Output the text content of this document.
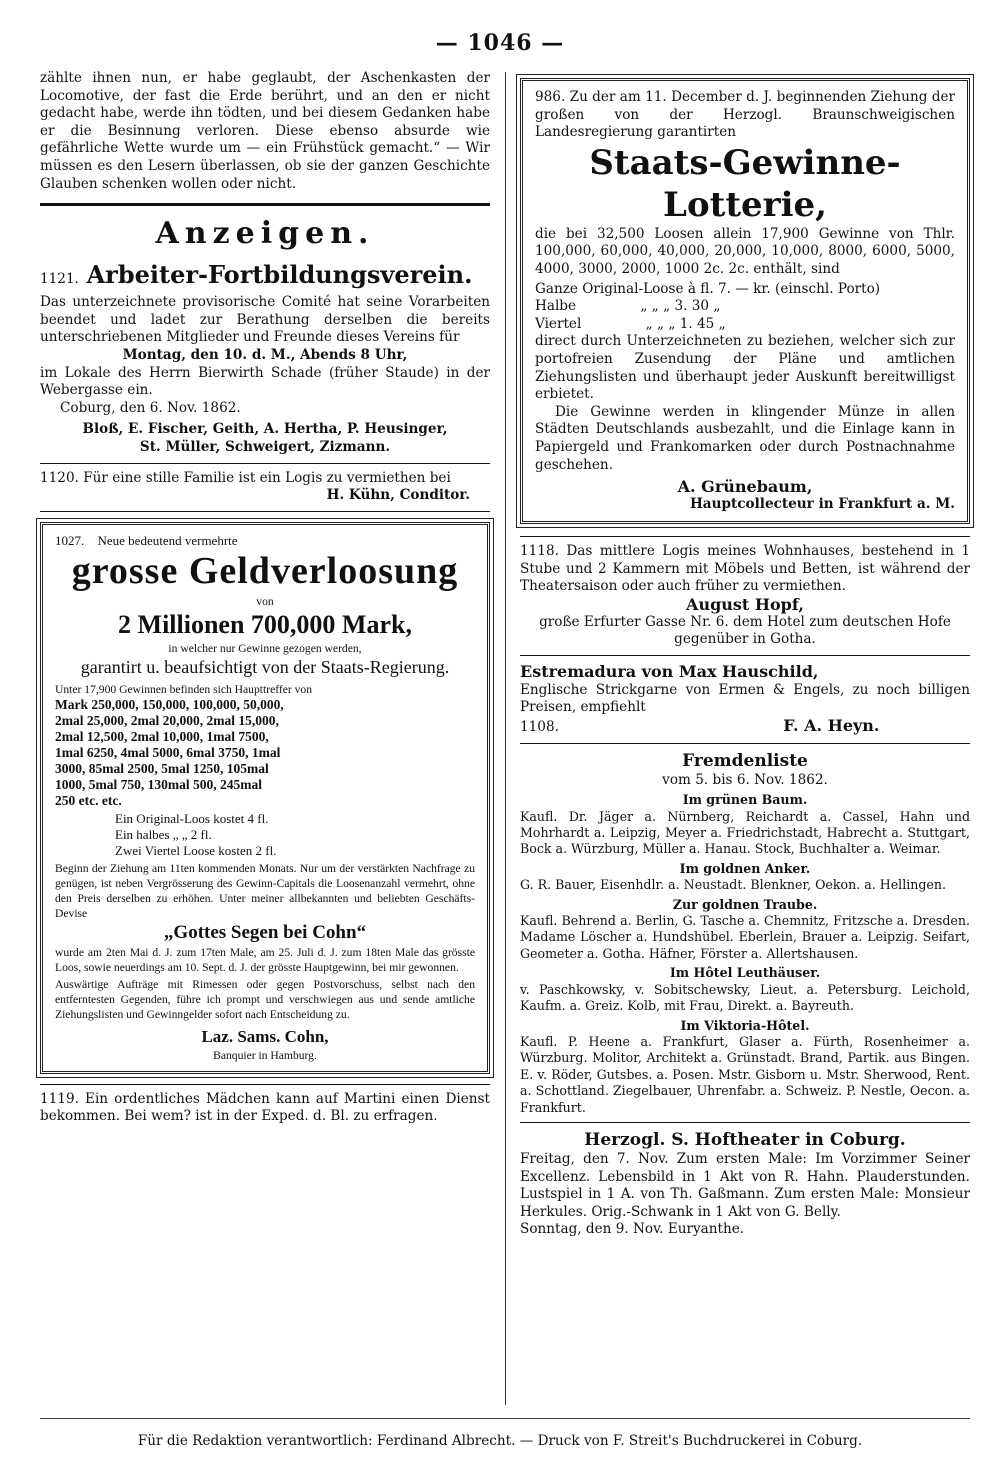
— 1046 —

zählte ihnen nun, er habe geglaubt, der Aschenkasten der Locomotive, der fast die Erde berührt, und an den er nicht gedacht habe, werde ihn tödten, und bei diesem Gedanken habe er die Besinnung verloren. Diese ebenso absurde wie gefährliche Wette wurde um — ein Frühstück gemacht.“ — Wir müssen es den Lesern überlassen, ob sie der ganzen Geschichte Glauben schenken wollen oder nicht.

Anzeigen.

1121. Arbeiter-Fortbildungsverein.

Das unterzeichnete provisorische Comité hat seine Vorarbeiten beendet und ladet zur Berathung derselben die bereits unterschriebenen Mitglieder und Freunde dieses Vereins für

Montag, den 10. d. M., Abends 8 Uhr,

im Lokale des Herrn Bierwirth Schade (früher Staude) in der Webergasse ein.

Coburg, den 6. Nov. 1862.

Bloß, E. Fischer, Geith, A. Hertha, P. Heusinger,

St. Müller, Schweigert, Zizmann.

1120. Für eine stille Familie ist ein Logis zu vermiethen bei

H. Kühn, Conditor.

1027. Neue bedeutend vermehrte

grosse Geldverloosung

von

2 Millionen 700,000 Mark,

in welcher nur Gewinne gezogen werden,

garantirt u. beaufsichtigt von der Staats-Regierung.

Unter 17,900 Gewinnen befinden sich Haupttreffer von

Mark 250,000, 150,000, 100,000, 50,000,

2mal 25,000, 2mal 20,000, 2mal 15,000,

2mal 12,500, 2mal 10,000, 1mal 7500,

1mal 6250, 4mal 5000, 6mal 3750, 1mal

3000, 85mal 2500, 5mal 1250, 105mal

1000, 5mal 750, 130mal 500, 245mal

250 etc. etc.

Ein Original-Loos kostet 4 fl.

Ein halbes „ „ 2 fl.

Zwei Viertel Loose kosten 2 fl.

Beginn der Ziehung am 11ten kommenden Monats. Nur um der verstärkten Nachfrage zu genügen, ist neben Vergrösserung des Gewinn-Capitals die Loosenanzahl vermehrt, ohne den Preis derselben zu erhöhen. Unter meiner allbekannten und beliebten Geschäfts-Devise

„Gottes Segen bei Cohn“

wurde am 2ten Mai d. J. zum 17ten Male, am 25. Juli d. J. zum 18ten Male das grösste Loos, sowie neuerdings am 10. Sept. d. J. der grösste Hauptgewinn, bei mir gewonnen.

Auswärtige Aufträge mit Rimessen oder gegen Postvorschuss, selbst nach den entferntesten Gegenden, führe ich prompt und verschwiegen aus und sende amtliche Ziehungslisten und Gewinngelder sofort nach Entscheidung zu.

Laz. Sams. Cohn,

Banquier in Hamburg.

1119. Ein ordentliches Mädchen kann auf Martini einen Dienst bekommen. Bei wem? ist in der Exped. d. Bl. zu erfragen.

986. Zu der am 11. December d. J. beginnenden Ziehung der großen von der Herzogl. Braunschweigischen Landesregierung garantirten

Staats-Gewinne-Lotterie,

die bei 32,500 Loosen allein 17,900 Gewinne von Thlr. 100,000, 60,000, 40,000, 20,000, 10,000, 8000, 6000, 5000, 4000, 3000, 2000, 1000 2c. 2c. enthält, sind

Ganze Original-Loose à fl. 7. — kr. (einschl. Porto)

Halbe	„ „ „ 3. 30 „

Viertel	„ „ „ 1. 45 „

direct durch Unterzeichneten zu beziehen, welcher sich zur portofreien Zusendung der Pläne und amtlichen Ziehungslisten und überhaupt jeder Auskunft bereitwilligst erbietet.

Die Gewinne werden in klingender Münze in allen Städten Deutschlands ausbezahlt, und die Einlage kann in Papiergeld und Frankomarken oder durch Postnachnahme geschehen.

A. Grünebaum,

Hauptcollecteur in Frankfurt a. M.

1118. Das mittlere Logis meines Wohnhauses, bestehend in 1 Stube und 2 Kammern mit Möbels und Betten, ist während der Theatersaison oder auch früher zu vermiethen.

August Hopf,

große Erfurter Gasse Nr. 6. dem Hotel zum deutschen Hofe gegenüber in Gotha.

Estremadura von Max Hauschild,

Englische Strickgarne von Ermen & Engels, zu noch billigen Preisen, empfiehlt

1108.	F. A. Heyn.

Fremdenliste

vom 5. bis 6. Nov. 1862.

Im grünen Baum.

Kaufl. Dr. Jäger a. Nürnberg, Reichardt a. Cassel, Hahn und Mohrhardt a. Leipzig, Meyer a. Friedrichstadt, Habrecht a. Stuttgart, Bock a. Würzburg, Müller a. Hanau. Stock, Buchhalter a. Weimar.

Im goldnen Anker.

G. R. Bauer, Eisenhdlr. a. Neustadt. Blenkner, Oekon. a. Hellingen.

Zur goldnen Traube.

Kaufl. Behrend a. Berlin, G. Tasche a. Chemnitz, Fritzsche a. Dresden. Madame Löscher a. Hundshübel. Eberlein, Brauer a. Leipzig. Seifart, Geometer a. Gotha. Häfner, Förster a. Allertshausen.

Im Hôtel Leuthäuser.

v. Paschkowsky, v. Sobitschewsky, Lieut. a. Petersburg. Leichold, Kaufm. a. Greiz. Kolb, mit Frau, Direkt. a. Bayreuth.

Im Viktoria-Hôtel.

Kaufl. P. Heene a. Frankfurt, Glaser a. Fürth, Rosenheimer a. Würzburg. Molitor, Architekt a. Grünstadt. Brand, Partik. aus Bingen. E. v. Röder, Gutsbes. a. Posen. Mstr. Gisborn u. Mstr. Sherwood, Rent. a. Schottland. Ziegelbauer, Uhrenfabr. a. Schweiz. P. Nestle, Oecon. a. Frankfurt.

Herzogl. S. Hoftheater in Coburg.

Freitag, den 7. Nov. Zum ersten Male: Im Vorzimmer Seiner Excellenz. Lebensbild in 1 Akt von R. Hahn. Plauderstunden. Lustspiel in 1 A. von Th. Gaßmann. Zum ersten Male: Monsieur Herkules. Orig.-Schwank in 1 Akt von G. Belly.

Sonntag, den 9. Nov. Euryanthe.

Für die Redaktion verantwortlich: Ferdinand Albrecht. — Druck von F. Streit's Buchdruckerei in Coburg.
